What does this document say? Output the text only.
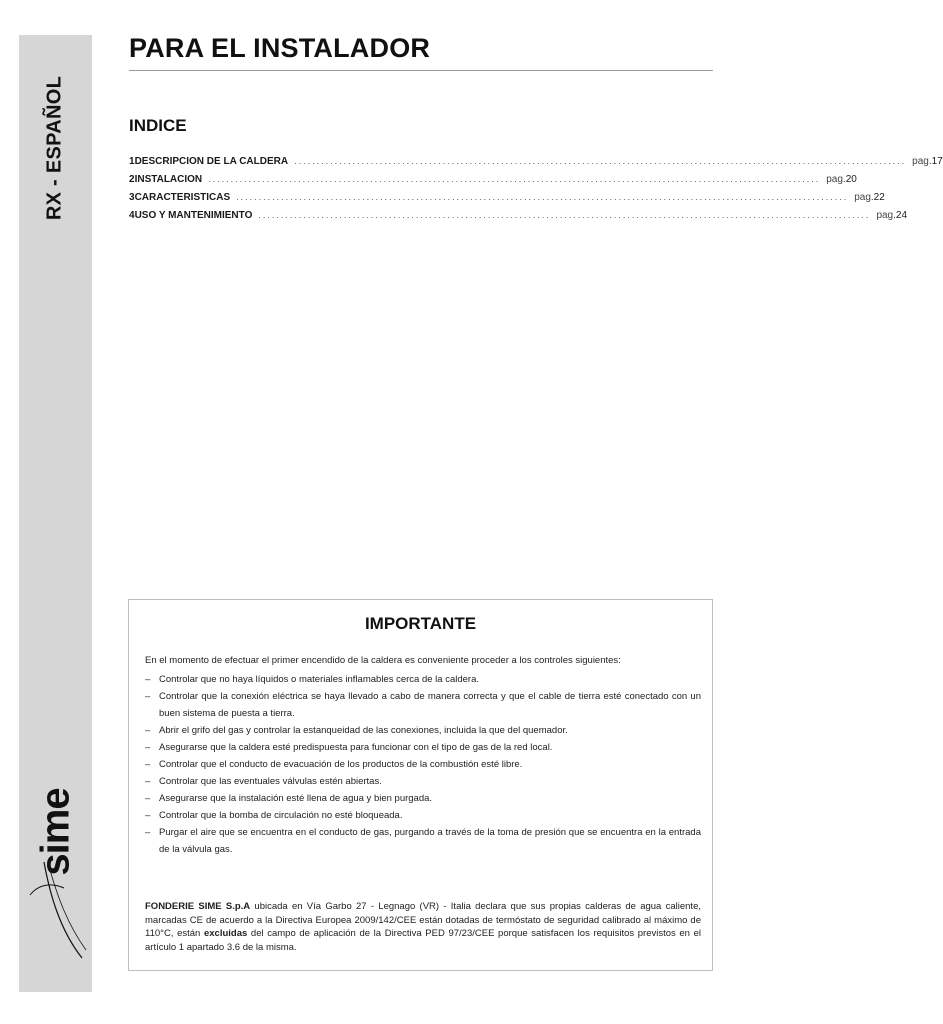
RX - ESPAÑOL
sime
PARA EL INSTALADOR
INDICE
1 DESCRIPCION DE LA CALDERA ........................................................................................................................................ pag. 17
2 INSTALACION ........................................................................................................................................ pag. 20
3 CARACTERISTICAS ........................................................................................................................................ pag. 22
4 USO Y MANTENIMIENTO ........................................................................................................................................ pag. 24
IMPORTANTE
En el momento de efectuar el primer encendido de la caldera es conveniente proceder a los controles siguientes:
– Controlar que no haya líquidos o materiales inflamables cerca de la caldera.
– Controlar que la conexión eléctrica se haya llevado a cabo de manera correcta y que el cable de tierra esté conectado con un buen sistema de puesta a tierra.
– Abrir el grifo del gas y controlar la estanqueidad de las conexiones, incluida la que del quemador.
– Asegurarse que la caldera esté predispuesta para funcionar con el tipo de gas de la red local.
– Controlar que el conducto de evacuación de los productos de la combustión esté libre.
– Controlar que las eventuales válvulas estén abiertas.
– Asegurarse que la instalación esté llena de agua y bien purgada.
– Controlar que la bomba de circulación no esté bloqueada.
– Purgar el aire que se encuentra en el conducto de gas, purgando a través de la toma de presión que se encuentra en la entrada de la válvula gas.

FONDERIE SIME S.p.A ubicada en Vía Garbo 27 - Legnago (VR) - Italia declara que sus propias calderas de agua caliente, marcadas CE de acuerdo a la Directiva Europea 2009/142/CEE están dotadas de termóstato de seguridad calibrado al máximo de 110°C, están excluidas del campo de aplicación de la Directiva PED 97/23/CEE porque satisfacen los requisitos previstos en el artículo 1 apartado 3.6 de la misma.
